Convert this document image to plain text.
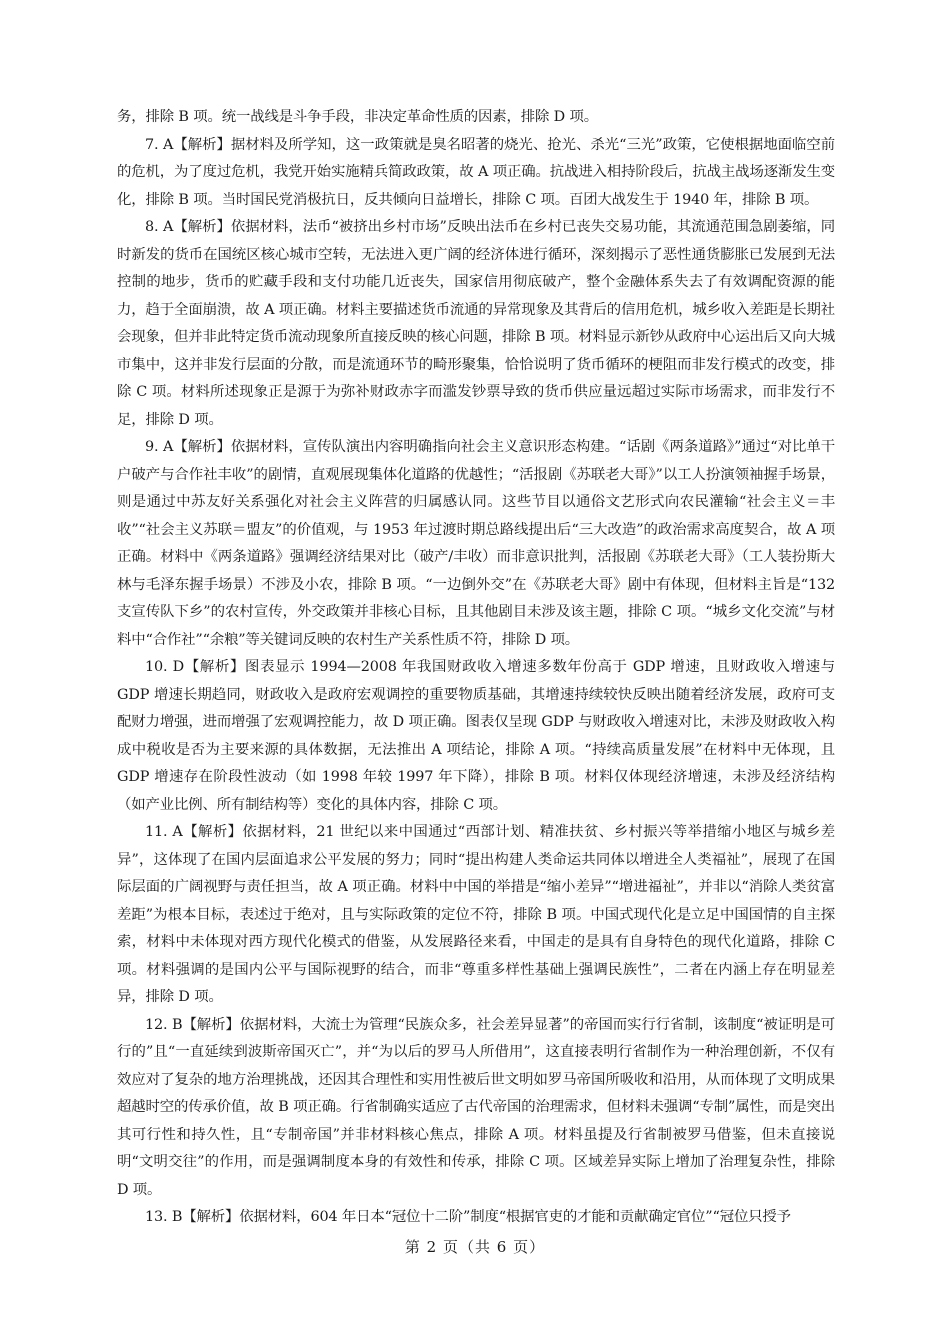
务，排除 B 项。统一战线是斗争手段，非决定革命性质的因素，排除 D 项。

7. A【解析】据材料及所学知，这一政策就是臭名昭著的烧光、抢光、杀光“三光”政策，它使根据地面临空前的危机，为了度过危机，我党开始实施精兵简政政策，故 A 项正确。抗战进入相持阶段后，抗战主战场逐渐发生变化，排除 B 项。当时国民党消极抗日，反共倾向日益增长，排除 C 项。百团大战发生于 1940 年，排除 B 项。

8. A【解析】依据材料，法币“被挤出乡村市场”反映出法币在乡村已丧失交易功能，其流通范围急剧萎缩，同时新发的货币在国统区核心城市空转，无法进入更广阔的经济体进行循环，深刻揭示了恶性通货膨胀已发展到无法控制的地步，货币的贮藏手段和支付功能几近丧失，国家信用彻底破产，整个金融体系失去了有效调配资源的能力，趋于全面崩溃，故 A 项正确。材料主要描述货币流通的异常现象及其背后的信用危机，城乡收入差距是长期社会现象，但并非此特定货币流动现象所直接反映的核心问题，排除 B 项。材料显示新钞从政府中心运出后又向大城市集中，这并非发行层面的分散，而是流通环节的畸形聚集，恰恰说明了货币循环的梗阻而非发行模式的改变，排除 C 项。材料所述现象正是源于为弥补财政赤字而滥发钞票导致的货币供应量远超过实际市场需求，而非发行不足，排除 D 项。

9. A【解析】依据材料，宣传队演出内容明确指向社会主义意识形态构建。“话剧《两条道路》”通过“对比单干户破产与合作社丰收”的剧情，直观展现集体化道路的优越性；“活报剧《苏联老大哥》”以工人扮演领袖握手场景，则是通过中苏友好关系强化对社会主义阵营的归属感认同。这些节目以通俗文艺形式向农民灌输“社会主义＝丰收”“社会主义苏联＝盟友”的价值观，与 1953 年过渡时期总路线提出后“三大改造”的政治需求高度契合，故 A 项正确。材料中《两条道路》强调经济结果对比（破产/丰收）而非意识批判，活报剧《苏联老大哥》（工人装扮斯大林与毛泽东握手场景）不涉及小农，排除 B 项。“一边倒外交”在《苏联老大哥》剧中有体现，但材料主旨是“132 支宣传队下乡”的农村宣传，外交政策并非核心目标，且其他剧目未涉及该主题，排除 C 项。“城乡文化交流”与材料中“合作社”“余粮”等关键词反映的农村生产关系性质不符，排除 D 项。

10. D【解析】图表显示 1994—2008 年我国财政收入增速多数年份高于 GDP 增速，且财政收入增速与 GDP 增速长期趋同，财政收入是政府宏观调控的重要物质基础，其增速持续较快反映出随着经济发展，政府可支配财力增强，进而增强了宏观调控能力，故 D 项正确。图表仅呈现 GDP 与财政收入增速对比，未涉及财政收入构成中税收是否为主要来源的具体数据，无法推出 A 项结论，排除 A 项。“持续高质量发展”在材料中无体现，且 GDP 增速存在阶段性波动（如 1998 年较 1997 年下降），排除 B 项。材料仅体现经济增速，未涉及经济结构（如产业比例、所有制结构等）变化的具体内容，排除 C 项。

11. A【解析】依据材料，21 世纪以来中国通过“西部计划、精准扶贫、乡村振兴等举措缩小地区与城乡差异”，这体现了在国内层面追求公平发展的努力；同时“提出构建人类命运共同体以增进全人类福祉”，展现了在国际层面的广阔视野与责任担当，故 A 项正确。材料中中国的举措是“缩小差异”“增进福祉”，并非以“消除人类贫富差距”为根本目标，表述过于绝对，且与实际政策的定位不符，排除 B 项。中国式现代化是立足中国国情的自主探索，材料中未体现对西方现代化模式的借鉴，从发展路径来看，中国走的是具有自身特色的现代化道路，排除 C 项。材料强调的是国内公平与国际视野的结合，而非“尊重多样性基础上强调民族性”，二者在内涵上存在明显差异，排除 D 项。

12. B【解析】依据材料，大流士为管理“民族众多，社会差异显著”的帝国而实行行省制，该制度“被证明是可行的”且“一直延续到波斯帝国灭亡”，并“为以后的罗马人所借用”，这直接表明行省制作为一种治理创新，不仅有效应对了复杂的地方治理挑战，还因其合理性和实用性被后世文明如罗马帝国所吸收和沿用，从而体现了文明成果超越时空的传承价值，故 B 项正确。行省制确实适应了古代帝国的治理需求，但材料未强调“专制”属性，而是突出其可行性和持久性，且“专制帝国”并非材料核心焦点，排除 A 项。材料虽提及行省制被罗马借鉴，但未直接说明“文明交往”的作用，而是强调制度本身的有效性和传承，排除 C 项。区域差异实际上增加了治理复杂性，排除 D 项。

13. B【解析】依据材料，604 年日本“冠位十二阶”制度“根据官吏的才能和贡献确定官位”“冠位只授予

第 2 页（共 6 页）
